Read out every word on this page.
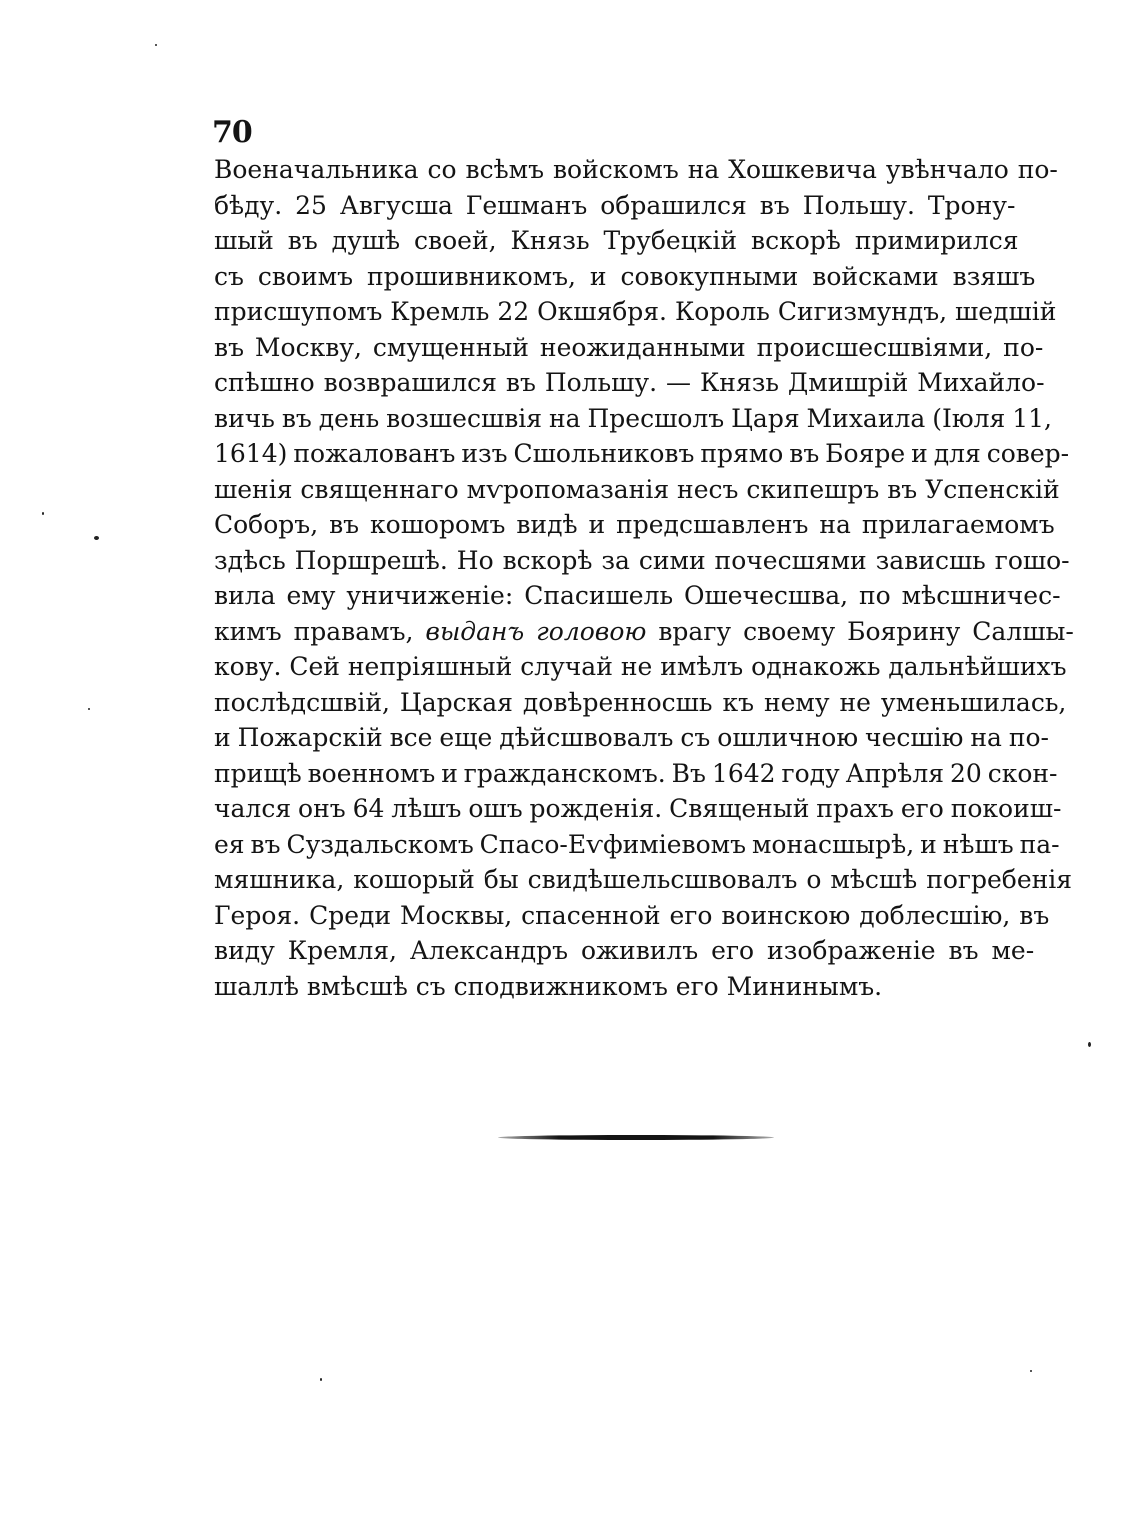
70
Военачальника со всѣмъ войскомъ на Хошкевича увѣнчало по-
бѣду. 25 Авгусша Гешманъ обрашился въ Польшу. Трону-
шый въ душѣ своей, Князь Трубецкій вскорѣ примирился
съ своимъ прошивникомъ, и совокупными войсками взяшъ
присшупомъ Кремль 22 Окшября. Король Сигизмундъ, шедшій
въ Москву, смущенный неожиданными происшесшвіями, по-
спѣшно возврашился въ Польшу. — Князь Дмишрій Михайло-
вичь въ день возшесшвія на Пресшолъ Царя Михаила (Іюля 11,
1614) пожалованъ изъ Сшольниковъ прямо въ Бояре и для совер-
шенія священнаго мѵропомазанія несъ скипешръ въ Успенскій
Соборъ, въ кошоромъ видѣ и предсшавленъ на прилагаемомъ
здѣсь Поршрешѣ. Но вскорѣ за сими почесшями зависшь гошо-
вила ему уничиженіе: Спасишель Ошечесшва, по мѣсшничес-
кимъ правамъ, выданъ головою врагу своему Боярину Салшы-
кову. Сей непріяшный случай не имѣлъ однакожь дальнѣйшихъ
послѣдсшвій, Царская довѣренносшь къ нему не уменьшилась,
и Пожарскій все еще дѣйсшвовалъ съ ошличною чесшію на по-
прищѣ военномъ и гражданскомъ. Въ 1642 году Апрѣля 20 скон-
чался онъ 64 лѣшъ ошъ рожденія. Священый прахъ его покоиш-
ея въ Суздальскомъ Спасо-Еѵфиміевомъ монасшырѣ, и нѣшъ па-
мяшника, кошорый бы свидѣшельсшвовалъ о мѣсшѣ погребенія
Героя. Среди Москвы, спасенной его воинскою доблесшію, въ
виду Кремля, Александръ оживилъ его изображеніе въ ме-
шаллѣ вмѣсшѣ съ сподвижникомъ его Мининымъ.
